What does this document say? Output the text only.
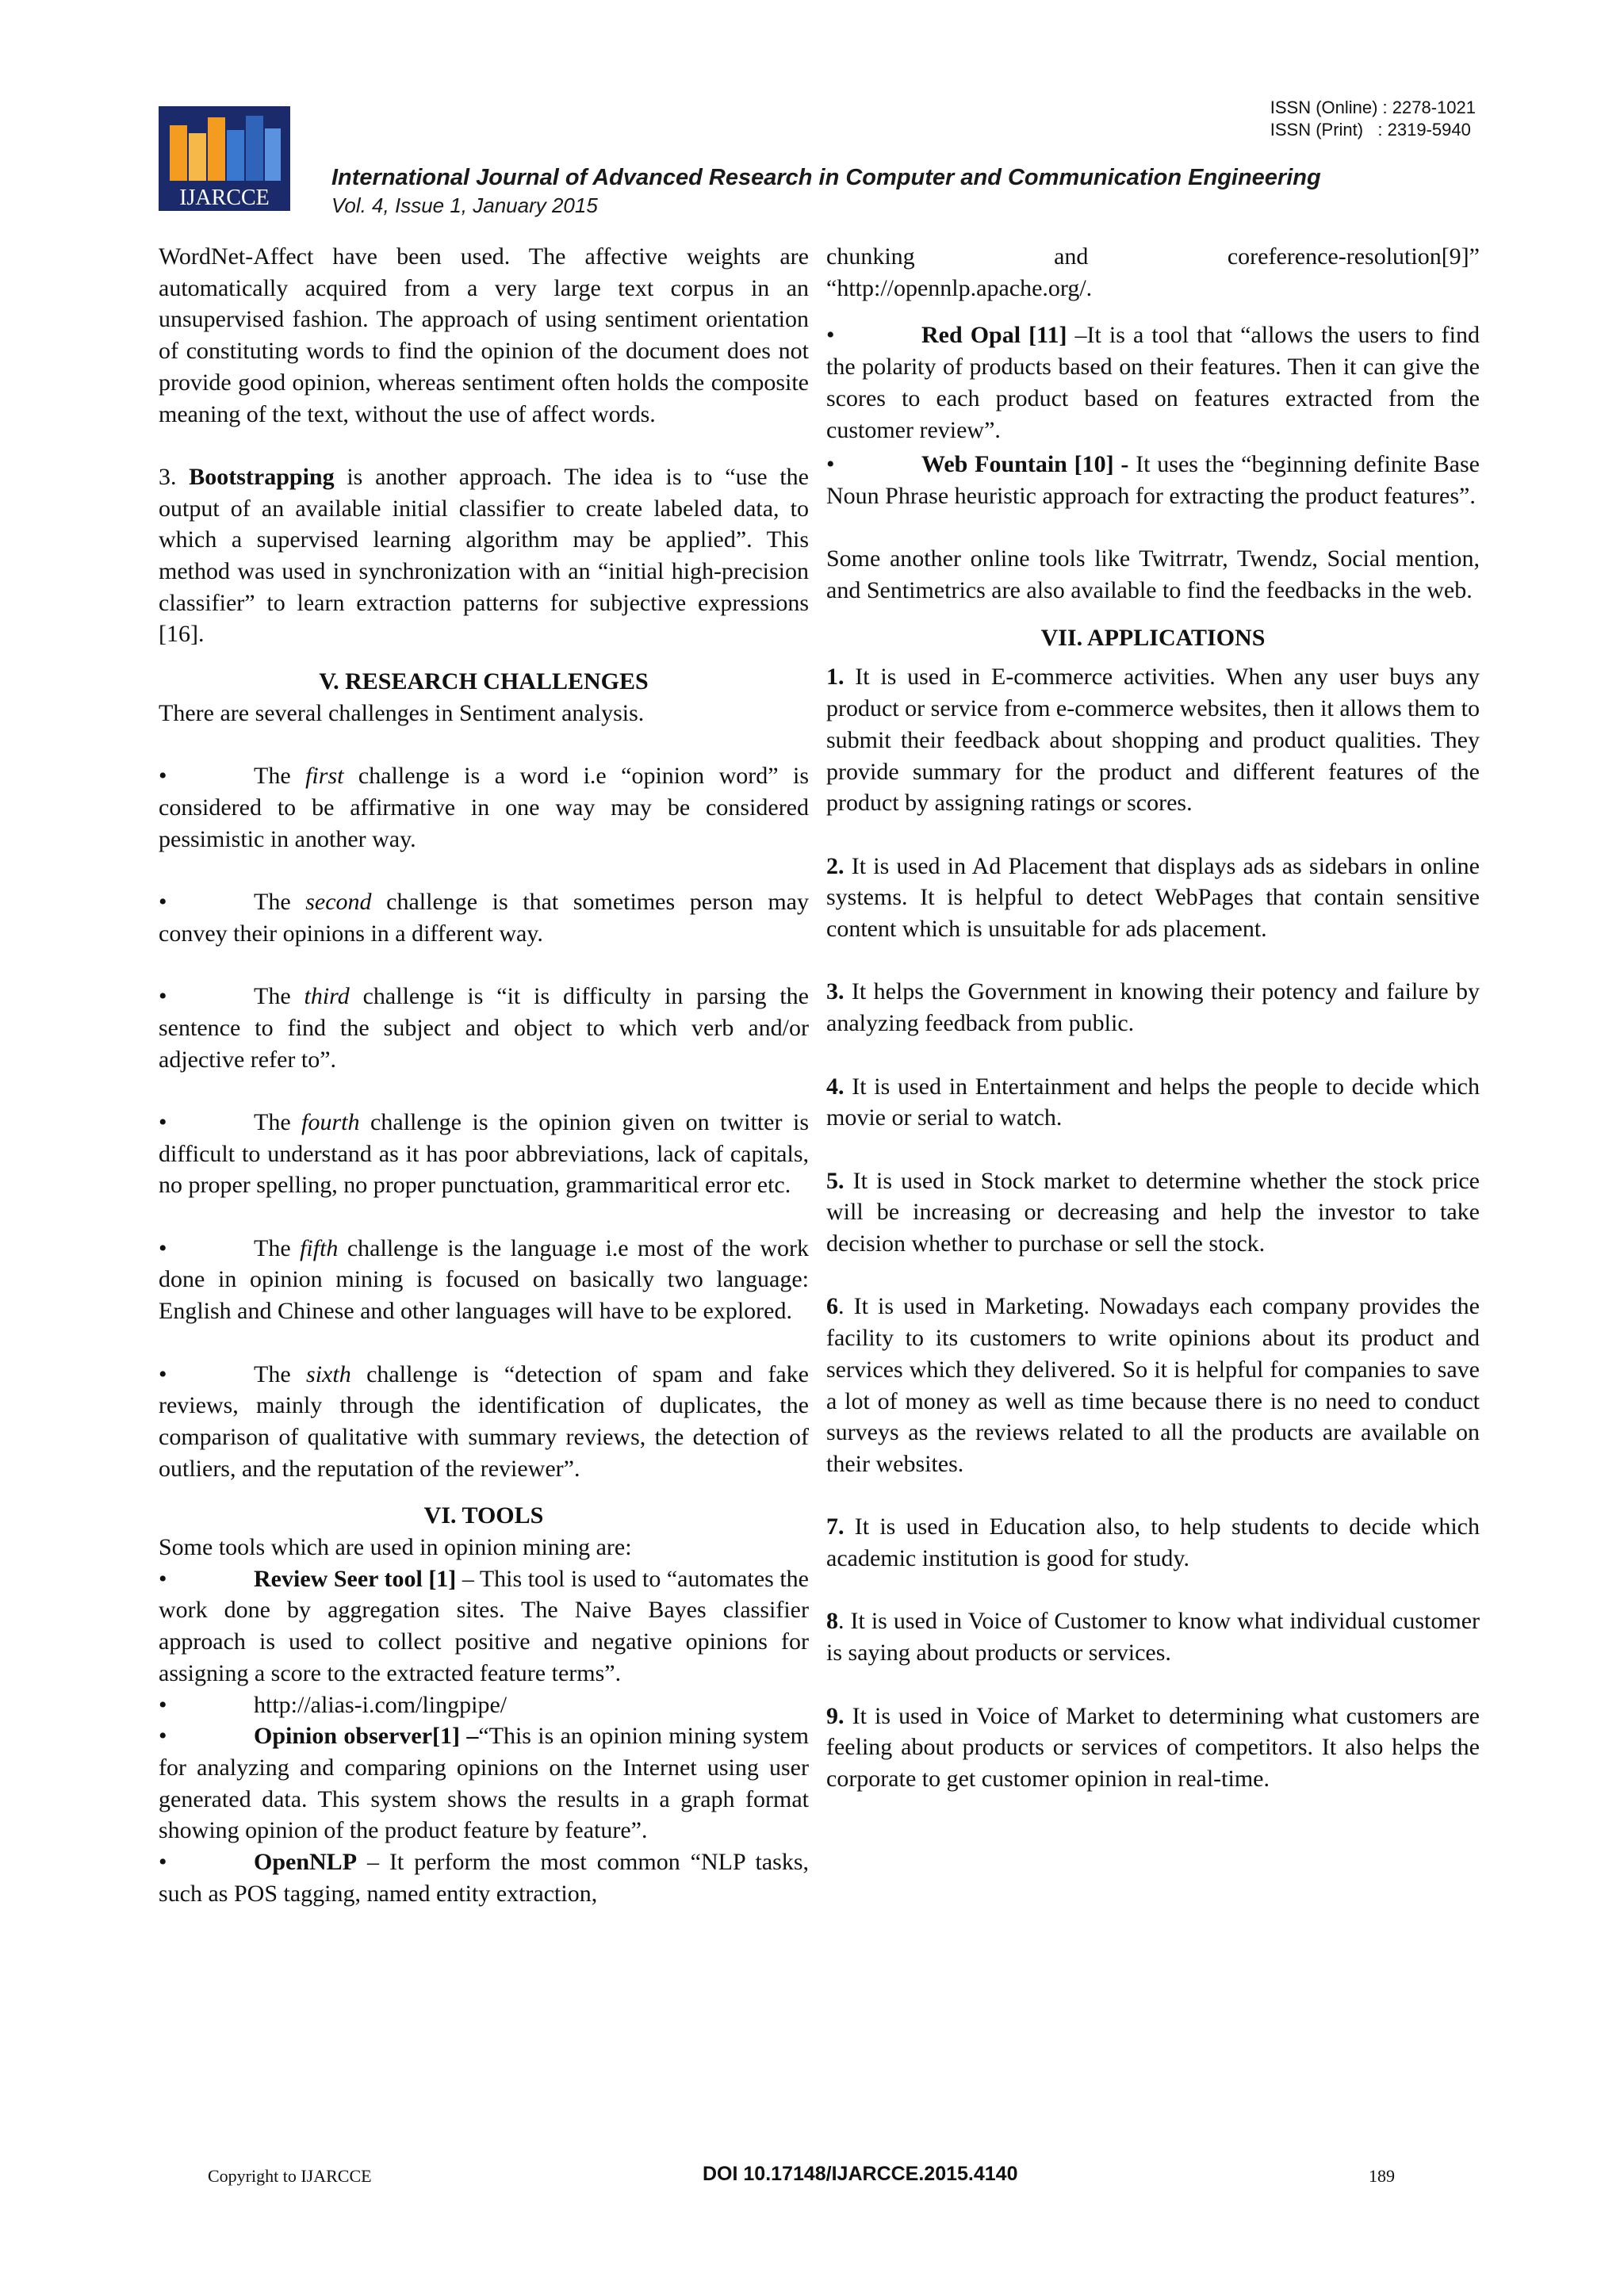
IJARCCE
ISSN (Online) : 2278-1021
ISSN (Print)   : 2319-5940
International Journal of Advanced Research in Computer and Communication Engineering
Vol. 4, Issue 1, January 2015

WordNet-Affect have been used. The affective weights are automatically acquired from a very large text corpus in an unsupervised fashion. The approach of using sentiment orientation of constituting words to find the opinion of the document does not provide good opinion, whereas sentiment often holds the composite meaning of the text, without the use of affect words.

3. Bootstrapping is another approach. The idea is to “use the output of an available initial classifier to create labeled data, to which a supervised learning algorithm may be applied”. This method was used in synchronization with an “initial high-precision classifier” to learn extraction patterns for subjective expressions [16].

V. RESEARCH CHALLENGES

There are several challenges in Sentiment analysis.

•	The first challenge is a word i.e “opinion word” is considered to be affirmative in one way may be considered pessimistic in another way.

•	The second challenge is that sometimes person may convey their opinions in a different way.

•	The third challenge is “it is difficulty in parsing the sentence to find the subject and object to which verb and/or adjective refer to”.

•	The fourth challenge is the opinion given on twitter is difficult to understand as it has poor abbreviations, lack of capitals, no proper spelling, no proper punctuation, grammaritical error etc.

•	The fifth challenge is the language i.e most of the work done in opinion mining is focused on basically two language: English and Chinese and other languages will have to be explored.

•	The sixth challenge is “detection of spam and fake reviews, mainly through the identification of duplicates, the comparison of qualitative with summary reviews, the detection of outliers, and the reputation of the reviewer”.

VI. TOOLS

Some tools which are used in opinion mining are:

•	Review Seer tool [1] – This tool is used to “automates the work done by aggregation sites. The Naive Bayes classifier approach is used to collect positive and negative opinions for assigning a score to the extracted feature terms”.

•	http://alias-i.com/lingpipe/

•	Opinion observer[1] –“This is an opinion mining system for analyzing and comparing opinions on the Internet using user generated data. This system shows the results in a graph format showing opinion of the product feature by feature”.

•	OpenNLP – It perform the most common “NLP tasks, such as POS tagging, named entity extraction,

chunking and coreference-resolution[9]” “http://opennlp.apache.org/.

•	Red Opal [11] –It is a tool that “allows the users to find the polarity of products based on their features. Then it can give the scores to each product based on features extracted from the customer review”.

•	Web Fountain [10] - It uses the “beginning definite Base Noun Phrase heuristic approach for extracting the product features”.

Some another online tools like Twitrratr, Twendz, Social mention, and Sentimetrics are also available to find the feedbacks in the web.

VII. APPLICATIONS

1. It is used in E-commerce activities. When any user buys any product or service from e-commerce websites, then it allows them to submit their feedback about shopping and product qualities. They provide summary for the product and different features of the product by assigning ratings or scores.

2. It is used in Ad Placement that displays ads as sidebars in online systems. It is helpful to detect WebPages that contain sensitive content which is unsuitable for ads placement.

3. It helps the Government in knowing their potency and failure by analyzing feedback from public.

4. It is used in Entertainment and helps the people to decide which movie or serial to watch.

5. It is used in Stock market to determine whether the stock price will be increasing or decreasing and help the investor to take decision whether to purchase or sell the stock.

6. It is used in Marketing. Nowadays each company provides the facility to its customers to write opinions about its product and services which they delivered. So it is helpful for companies to save a lot of money as well as time because there is no need to conduct surveys as the reviews related to all the products are available on their websites.

7. It is used in Education also, to help students to decide which academic institution is good for study.

8. It is used in Voice of Customer to know what individual customer is saying about products or services.

9. It is used in Voice of Market to determining what customers are feeling about products or services of competitors. It also helps the corporate to get customer opinion in real-time.

Copyright to IJARCCE	DOI 10.17148/IJARCCE.2015.4140	189
